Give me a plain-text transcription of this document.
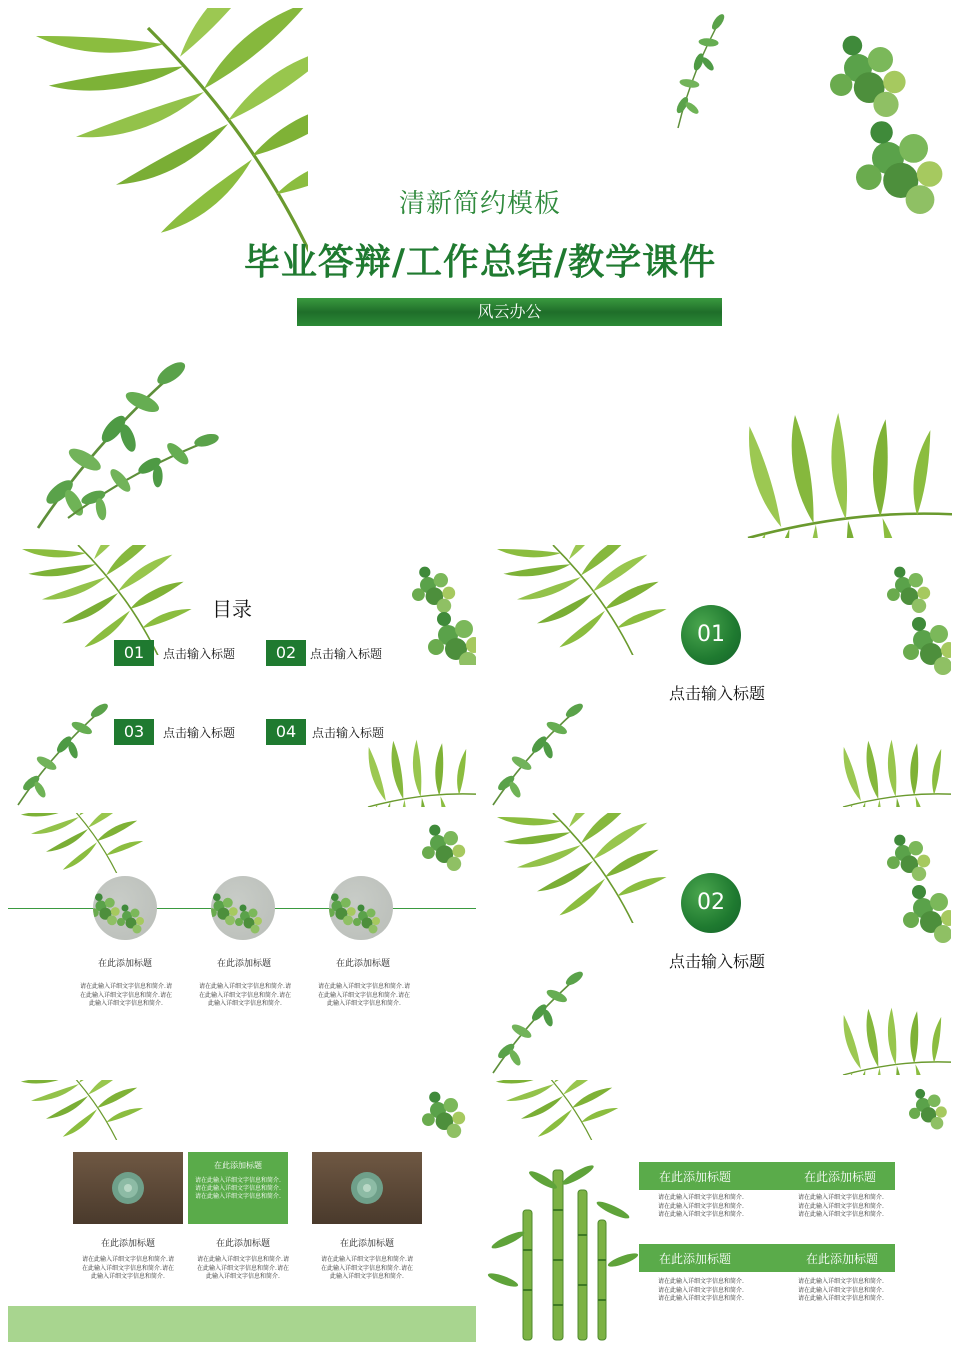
清新简约模板
毕业答辩/工作总结/教学课件
风云办公
目录
01	点击输入标题	02	点击输入标题
03	点击输入标题	04	点击输入标题
01
点击输入标题
在此添加标题	在此添加标题	在此添加标题
请在此输入详细文字信息和简介.请在此输入详细文字信息和简介.请在此输入详细文字信息和简介.
请在此输入详细文字信息和简介.请在此输入详细文字信息和简介.请在此输入详细文字信息和简介.
请在此输入详细文字信息和简介.请在此输入详细文字信息和简介.请在此输入详细文字信息和简介.
02
点击输入标题
在此添加标题
请在此输入详细文字信息和简介.请在此输入详细文字信息和简介.请在此输入详细文字信息和简介.
在此添加标题	在此添加标题	在此添加标题
请在此输入详细文字信息和简介.请在此输入详细文字信息和简介.请在此输入详细文字信息和简介.
请在此输入详细文字信息和简介.请在此输入详细文字信息和简介.请在此输入详细文字信息和简介.
请在此输入详细文字信息和简介.请在此输入详细文字信息和简介.请在此输入详细文字信息和简介.
在此添加标题	在此添加标题
请在此输入详细文字信息和简介.请在此输入详细文字信息和简介.请在此输入详细文字信息和简介.
请在此输入详细文字信息和简介.请在此输入详细文字信息和简介.请在此输入详细文字信息和简介.
在此添加标题	在此添加标题
请在此输入详细文字信息和简介.请在此输入详细文字信息和简介.请在此输入详细文字信息和简介.
请在此输入详细文字信息和简介.请在此输入详细文字信息和简介.请在此输入详细文字信息和简介.
